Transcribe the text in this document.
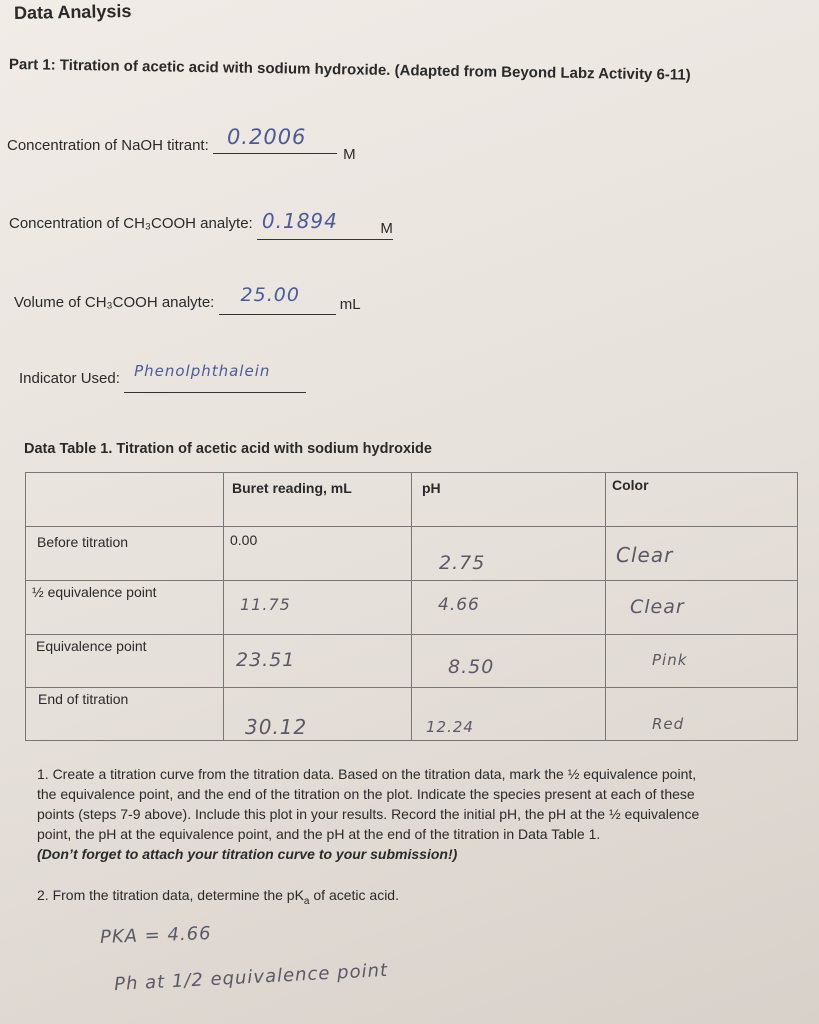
Data Analysis
Part 1: Titration of acetic acid with sodium hydroxide. (Adapted from Beyond Labz Activity 6-11)
Concentration of NaOH titrant: 0.2006
M
Concentration of CH₃COOH analyte: 0.1894	M
Volume of CH₃COOH analyte: 25.00	mL
Indicator Used: Phenolphthalein
Data Table 1. Titration of acetic acid with sodium hydroxide

	Buret reading, mL	pH	Color

Before titration	0.00	2.75	Clear

½ equivalence point	11.75	4.66	Clear

Equivalence point	23.51	8.50	Pink

End of titration	30.12	12.24	Red
1. Create a titration curve from the titration data. Based on the titration data, mark the ½ equivalence point,
the equivalence point, and the end of the titration on the plot. Indicate the species present at each of these
points (steps 7-9 above). Include this plot in your results. Record the initial pH, the pH at the ½ equivalence
point, the pH at the equivalence point, and the pH at the end of the titration in Data Table 1.
(Don’t forget to attach your titration curve to your submission!)
2. From the titration data, determine the $pK_a$ of acetic acid.
PKA = 4.66
Ph at 1/2 equivalence point
